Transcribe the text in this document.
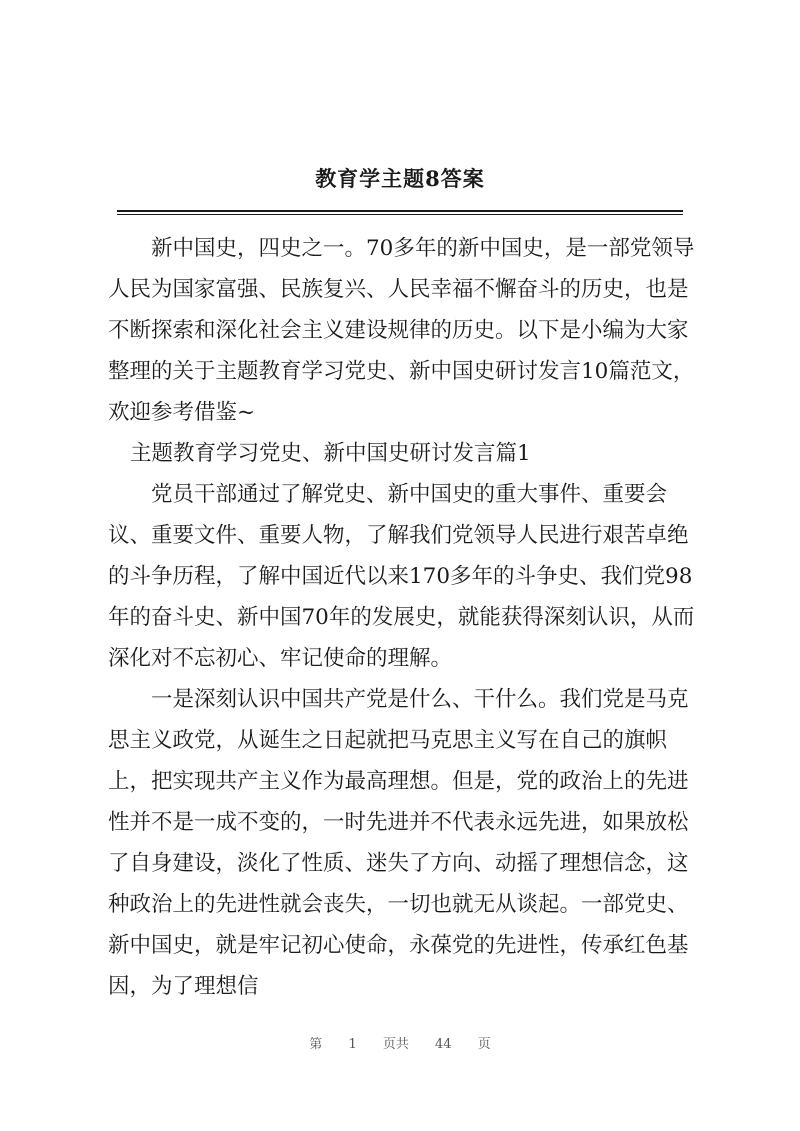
教育学主题8答案

新中国史，四史之一。70多年的新中国史，是一部党领导人民为国家富强、民族复兴、人民幸福不懈奋斗的历史，也是不断探索和深化社会主义建设规律的历史。以下是小编为大家整理的关于主题教育学习党史、新中国史研讨发言10篇范文，欢迎参考借鉴~

主题教育学习党史、新中国史研讨发言篇1

党员干部通过了解党史、新中国史的重大事件、重要会议、重要文件、重要人物，了解我们党领导人民进行艰苦卓绝的斗争历程，了解中国近代以来170多年的斗争史、我们党98年的奋斗史、新中国70年的发展史，就能获得深刻认识，从而深化对不忘初心、牢记使命的理解。

一是深刻认识中国共产党是什么、干什么。我们党是马克思主义政党，从诞生之日起就把马克思主义写在自己的旗帜上，把实现共产主义作为最高理想。但是，党的政治上的先进性并不是一成不变的，一时先进并不代表永远先进，如果放松了自身建设，淡化了性质、迷失了方向、动摇了理想信念，这种政治上的先进性就会丧失，一切也就无从谈起。一部党史、新中国史，就是牢记初心使命，永葆党的先进性，传承红色基因，为了理想信

第 1 页共 44 页
